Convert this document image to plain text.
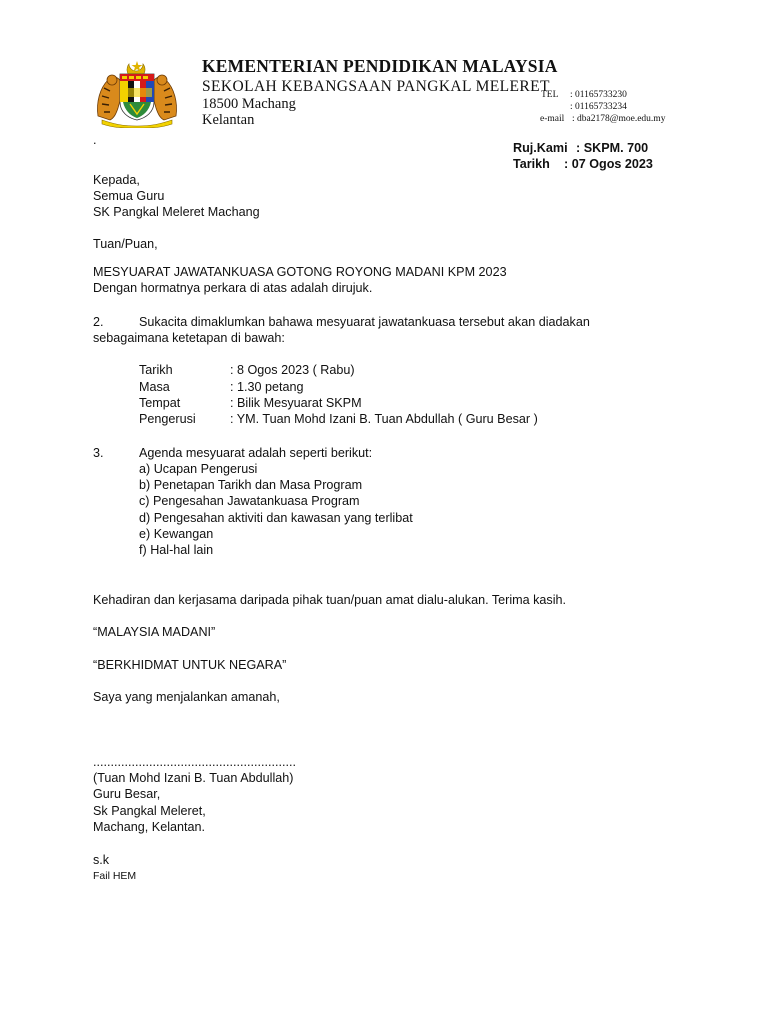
KEMENTERIAN PENDIDIKAN MALAYSIA
SEKOLAH KEBANGSAAN PANGKAL MELERET
18500 Machang
Kelantan
TEL : 01165733230
: 01165733234
e-mail : dba2178@moe.edu.my
.
Ruj.Kami : SKPM. 700
Tarikh : 07 Ogos 2023
Kepada,
Semua Guru
SK Pangkal Meleret Machang
Tuan/Puan,
MESYUARAT JAWATANKUASA GOTONG ROYONG MADANI KPM 2023
Dengan hormatnya perkara di atas adalah dirujuk.
2.	Sukacita dimaklumkan bahawa mesyuarat jawatankuasa tersebut akan diadakan
sebagaimana ketetapan di bawah:
Tarikh	: 8 Ogos 2023 ( Rabu)
Masa	: 1.30 petang
Tempat	: Bilik Mesyuarat SKPM
Pengerusi	: YM. Tuan Mohd Izani B. Tuan Abdullah ( Guru Besar )
3.	Agenda mesyuarat adalah seperti berikut:
a) Ucapan Pengerusi
b) Penetapan Tarikh dan Masa Program
c) Pengesahan Jawatankuasa Program
d) Pengesahan aktiviti dan kawasan yang terlibat
e) Kewangan
f) Hal-hal lain
Kehadiran dan kerjasama daripada pihak tuan/puan amat dialu-alukan. Terima kasih.
“MALAYSIA MADANI”
“BERKHIDMAT UNTUK NEGARA”
Saya yang menjalankan amanah,
..........................................................
(Tuan Mohd Izani B. Tuan Abdullah)
Guru Besar,
Sk Pangkal Meleret,
Machang, Kelantan.
s.k
Fail HEM
